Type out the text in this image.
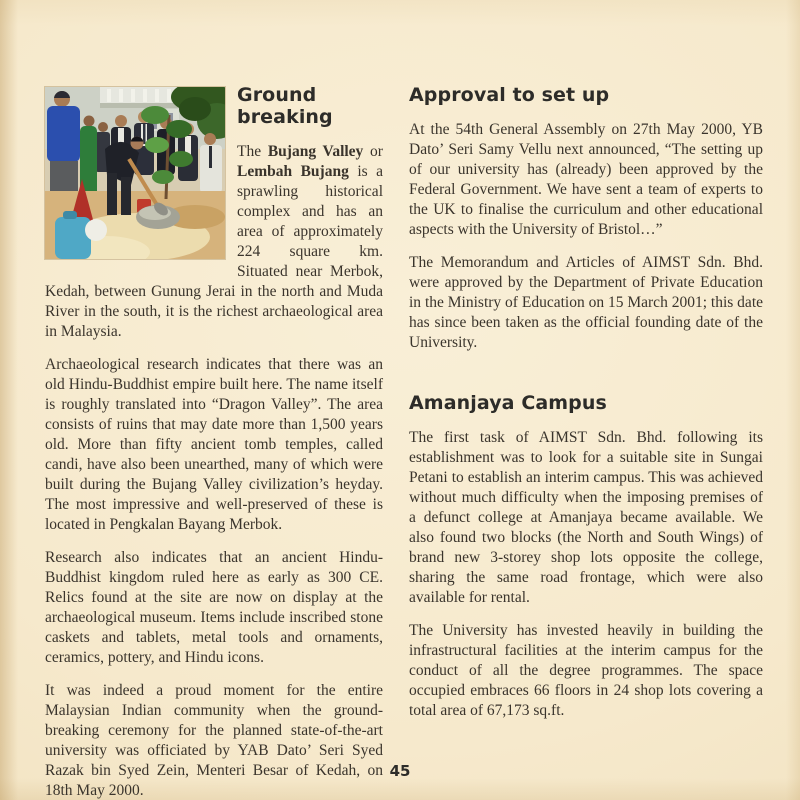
Ground breaking

The Bujang Valley or Lembah Bujang is a sprawling historical complex and has an area of approximately 224 square km. Situated near Merbok, Kedah, between Gunung Jerai in the north and Muda River in the south, it is the richest archaeological area in Malaysia.

Archaeological research indicates that there was an old Hindu-Buddhist empire built here. The name itself is roughly translated into “Dragon Valley”. The area consists of ruins that may date more than 1,500 years old. More than fifty ancient tomb temples, called candi, have also been unearthed, many of which were built during the Bujang Valley civilization’s heyday. The most impressive and well-preserved of these is located in Pengkalan Bayang Merbok.

Research also indicates that an ancient Hindu-Buddhist kingdom ruled here as early as 300 CE. Relics found at the site are now on display at the archaeological museum. Items include inscribed stone caskets and tablets, metal tools and ornaments, ceramics, pottery, and Hindu icons.

It was indeed a proud moment for the entire Malaysian Indian community when the ground-breaking ceremony for the planned state-of-the-art university was officiated by YAB Dato’ Seri Syed Razak bin Syed Zein, Menteri Besar of Kedah, on 18th May 2000.

Approval to set up

At the 54th General Assembly on 27th May 2000, YB Dato’ Seri Samy Vellu next announced, “The setting up of our university has (already) been approved by the Federal Government. We have sent a team of experts to the UK to finalise the curriculum and other educational aspects with the University of Bristol…”

The Memorandum and Articles of AIMST Sdn. Bhd. were approved by the Department of Private Education in the Ministry of Education on 15 March 2001; this date has since been taken as the official founding date of the University.

Amanjaya Campus

The first task of AIMST Sdn. Bhd. following its establishment was to look for a suitable site in Sungai Petani to establish an interim campus. This was achieved without much difficulty when the imposing premises of a defunct college at Amanjaya became available. We also found two blocks (the North and South Wings) of brand new 3-storey shop lots opposite the college, sharing the same road frontage, which were also available for rental.

The University has invested heavily in building the infrastructural facilities at the interim campus for the conduct of all the degree programmes. The space occupied embraces 66 floors in 24 shop lots covering a total area of 67,173 sq.ft.

45
